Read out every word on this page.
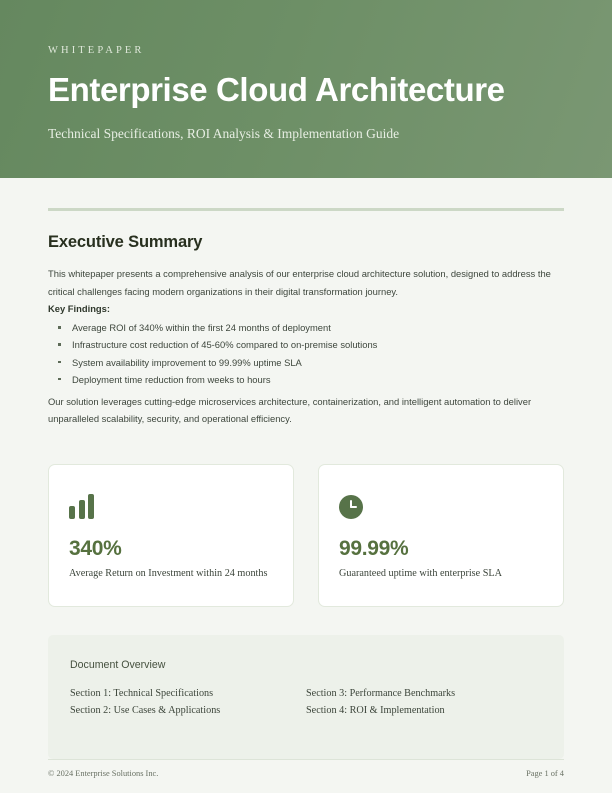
WHITEPAPER
Enterprise Cloud Architecture

Technical Specifications, ROI Analysis & Implementation Guide

Executive Summary

This whitepaper presents a comprehensive analysis of our enterprise cloud architecture solution, designed to address the critical challenges facing modern organizations in their digital transformation journey.

Key Findings:

Average ROI of 340% within the first 24 months of deployment
Infrastructure cost reduction of 45-60% compared to on-premise solutions
System availability improvement to 99.99% uptime SLA
Deployment time reduction from weeks to hours

Our solution leverages cutting-edge microservices architecture, containerization, and intelligent automation to deliver unparalleled scalability, security, and operational efficiency.

340%

Average Return on Investment within 24 months

99.99%

Guaranteed uptime with enterprise SLA

Document Overview

Section 1: Technical Specifications

Section 2: Use Cases & Applications

Section 3: Performance Benchmarks

Section 4: ROI & Implementation

© 2024 Enterprise Solutions Inc.	Page 1 of 4
